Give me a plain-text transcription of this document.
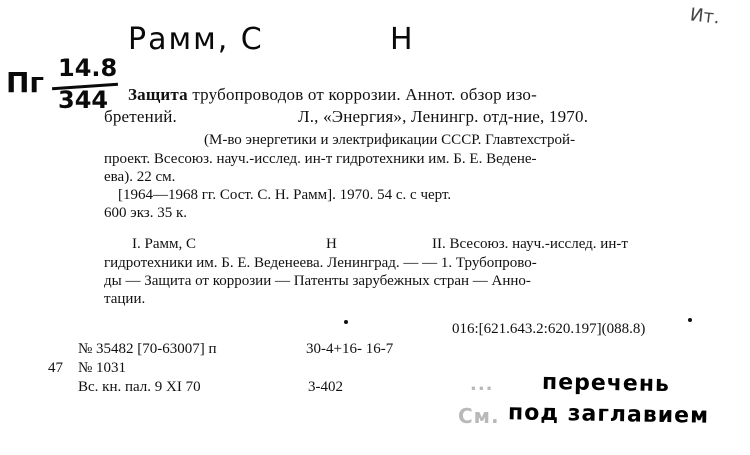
Рамм, С	Н
Ит.
Пг 14.8
344 Защита трубопроводов от коррозии. Аннот. обзор изо-
бретений.	Л., «Энергия», Ленингр. отд-ние, 1970.
(М-во энергетики и электрификации СССР. Главтехстрой-
проект. Всесоюз. науч.-исслед. ин-т гидротехники им. Б. Е. Веденe-
ева). 22 см.
[1964—1968 гг. Сост. С. Н. Рамм]. 1970. 54 с. с черт.
600 экз. 35 к.
I. Рамм, С	Н	II. Всесоюз. науч.-исслед. ин-т
гидротехники им. Б. Е. Веденеева. Ленинград. — — 1. Трубопрово-
ды — Защита от коррозии — Патенты зарубежных стран — Анно-
тации.
016:[621.643.2:620.197](088.8)
№ 35482 [70-63007] п	30-4+16- 16-7
47 № 1031
Вс. кн. пал. 9 XI 70	3-402	... перечень
См. под заглавием
